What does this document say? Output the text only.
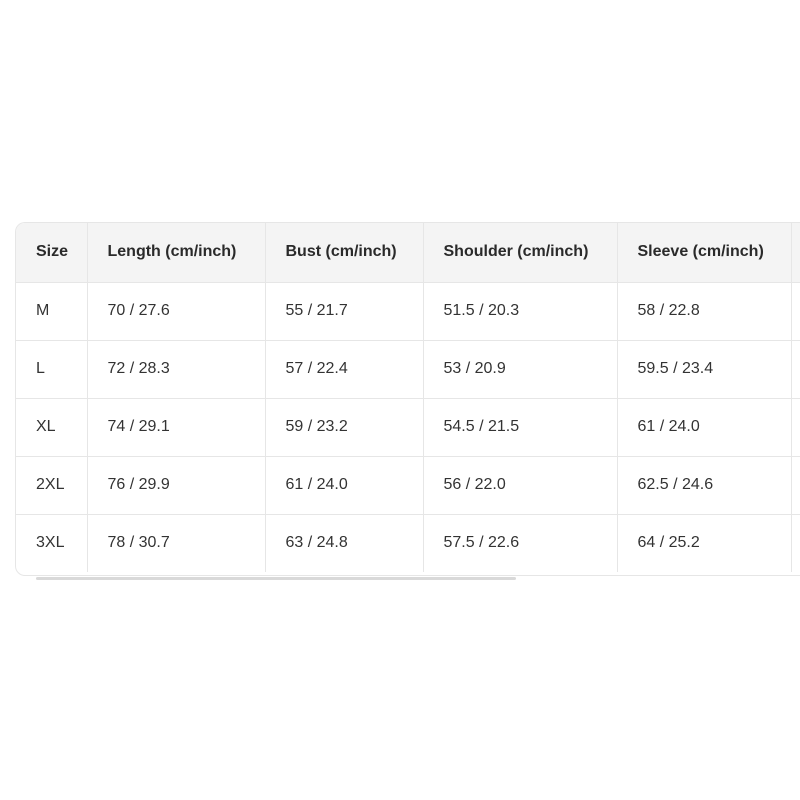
Size	Length (cm/inch)	Bust (cm/inch)	Shoulder (cm/inch)	Sleeve (cm/inch)	
M	70 / 27.6	55 / 21.7	51.5 / 20.3	58 / 22.8	
L	72 / 28.3	57 / 22.4	53 / 20.9	59.5 / 23.4	
XL	74 / 29.1	59 / 23.2	54.5 / 21.5	61 / 24.0	
2XL	76 / 29.9	61 / 24.0	56 / 22.0	62.5 / 24.6	
3XL	78 / 30.7	63 / 24.8	57.5 / 22.6	64 / 25.2	
